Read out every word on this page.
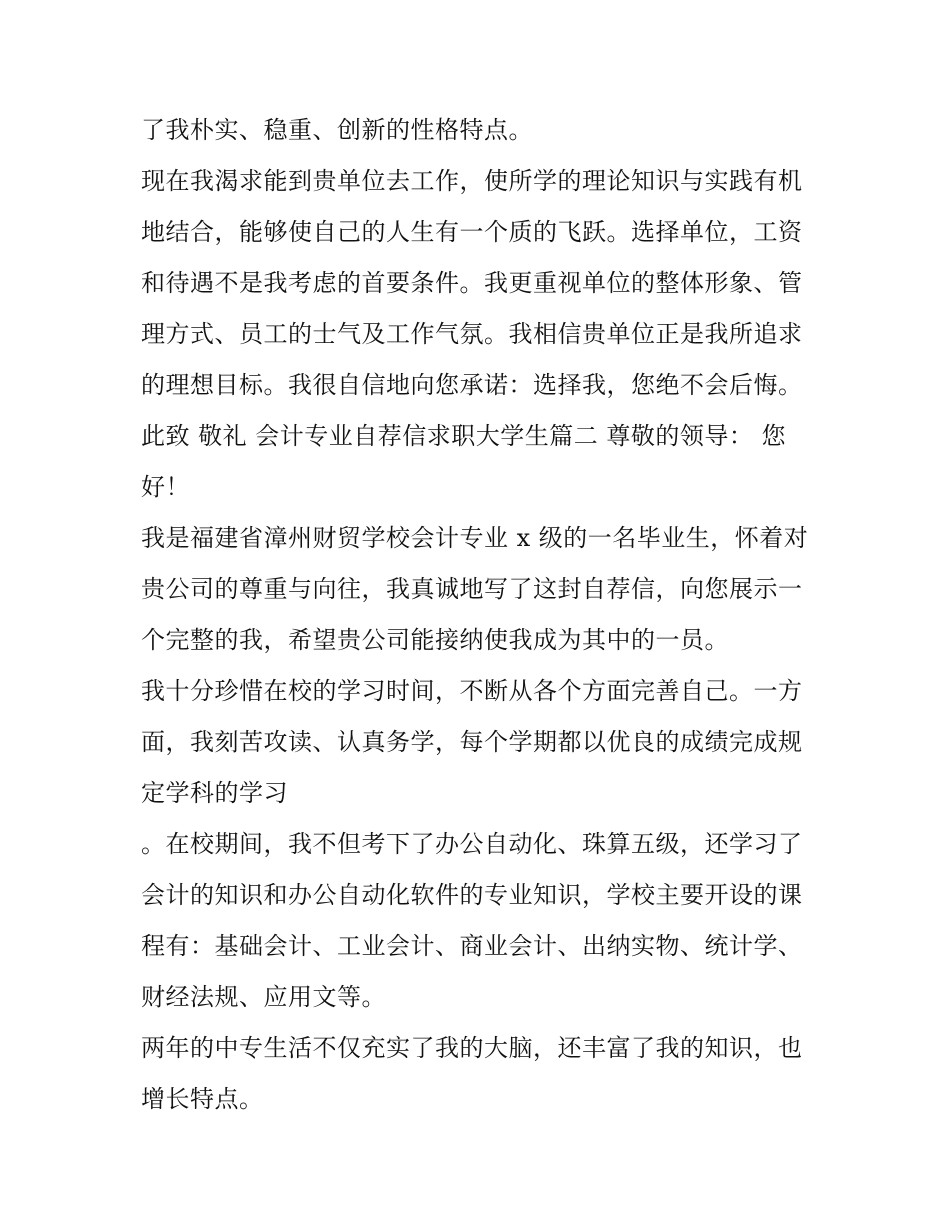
了我朴实、稳重、创新的性格特点。

现在我渴求能到贵单位去工作，使所学的理论知识与实践有机地结合，能够使自己的人生有一个质的飞跃。选择单位，工资和待遇不是我考虑的首要条件。我更重视单位的整体形象、管理方式、员工的士气及工作气氛。我相信贵单位正是我所追求的理想目标。我很自信地向您承诺：选择我，您绝不会后悔。

此致 敬礼 会计专业自荐信求职大学生篇二 尊敬的领导： 您好！

我是福建省漳州财贸学校会计专业 x 级的一名毕业生，怀着对贵公司的尊重与向往，我真诚地写了这封自荐信，向您展示一个完整的我，希望贵公司能接纳使我成为其中的一员。

我十分珍惜在校的学习时间，不断从各个方面完善自己。一方面，我刻苦攻读、认真务学，每个学期都以优良的成绩完成规定学科的学习

。在校期间，我不但考下了办公自动化、珠算五级，还学习了会计的知识和办公自动化软件的专业知识，学校主要开设的课程有：基础会计、工业会计、商业会计、出纳实物、统计学、财经法规、应用文等。

两年的中专生活不仅充实了我的大脑，还丰富了我的知识，也增长特点。
